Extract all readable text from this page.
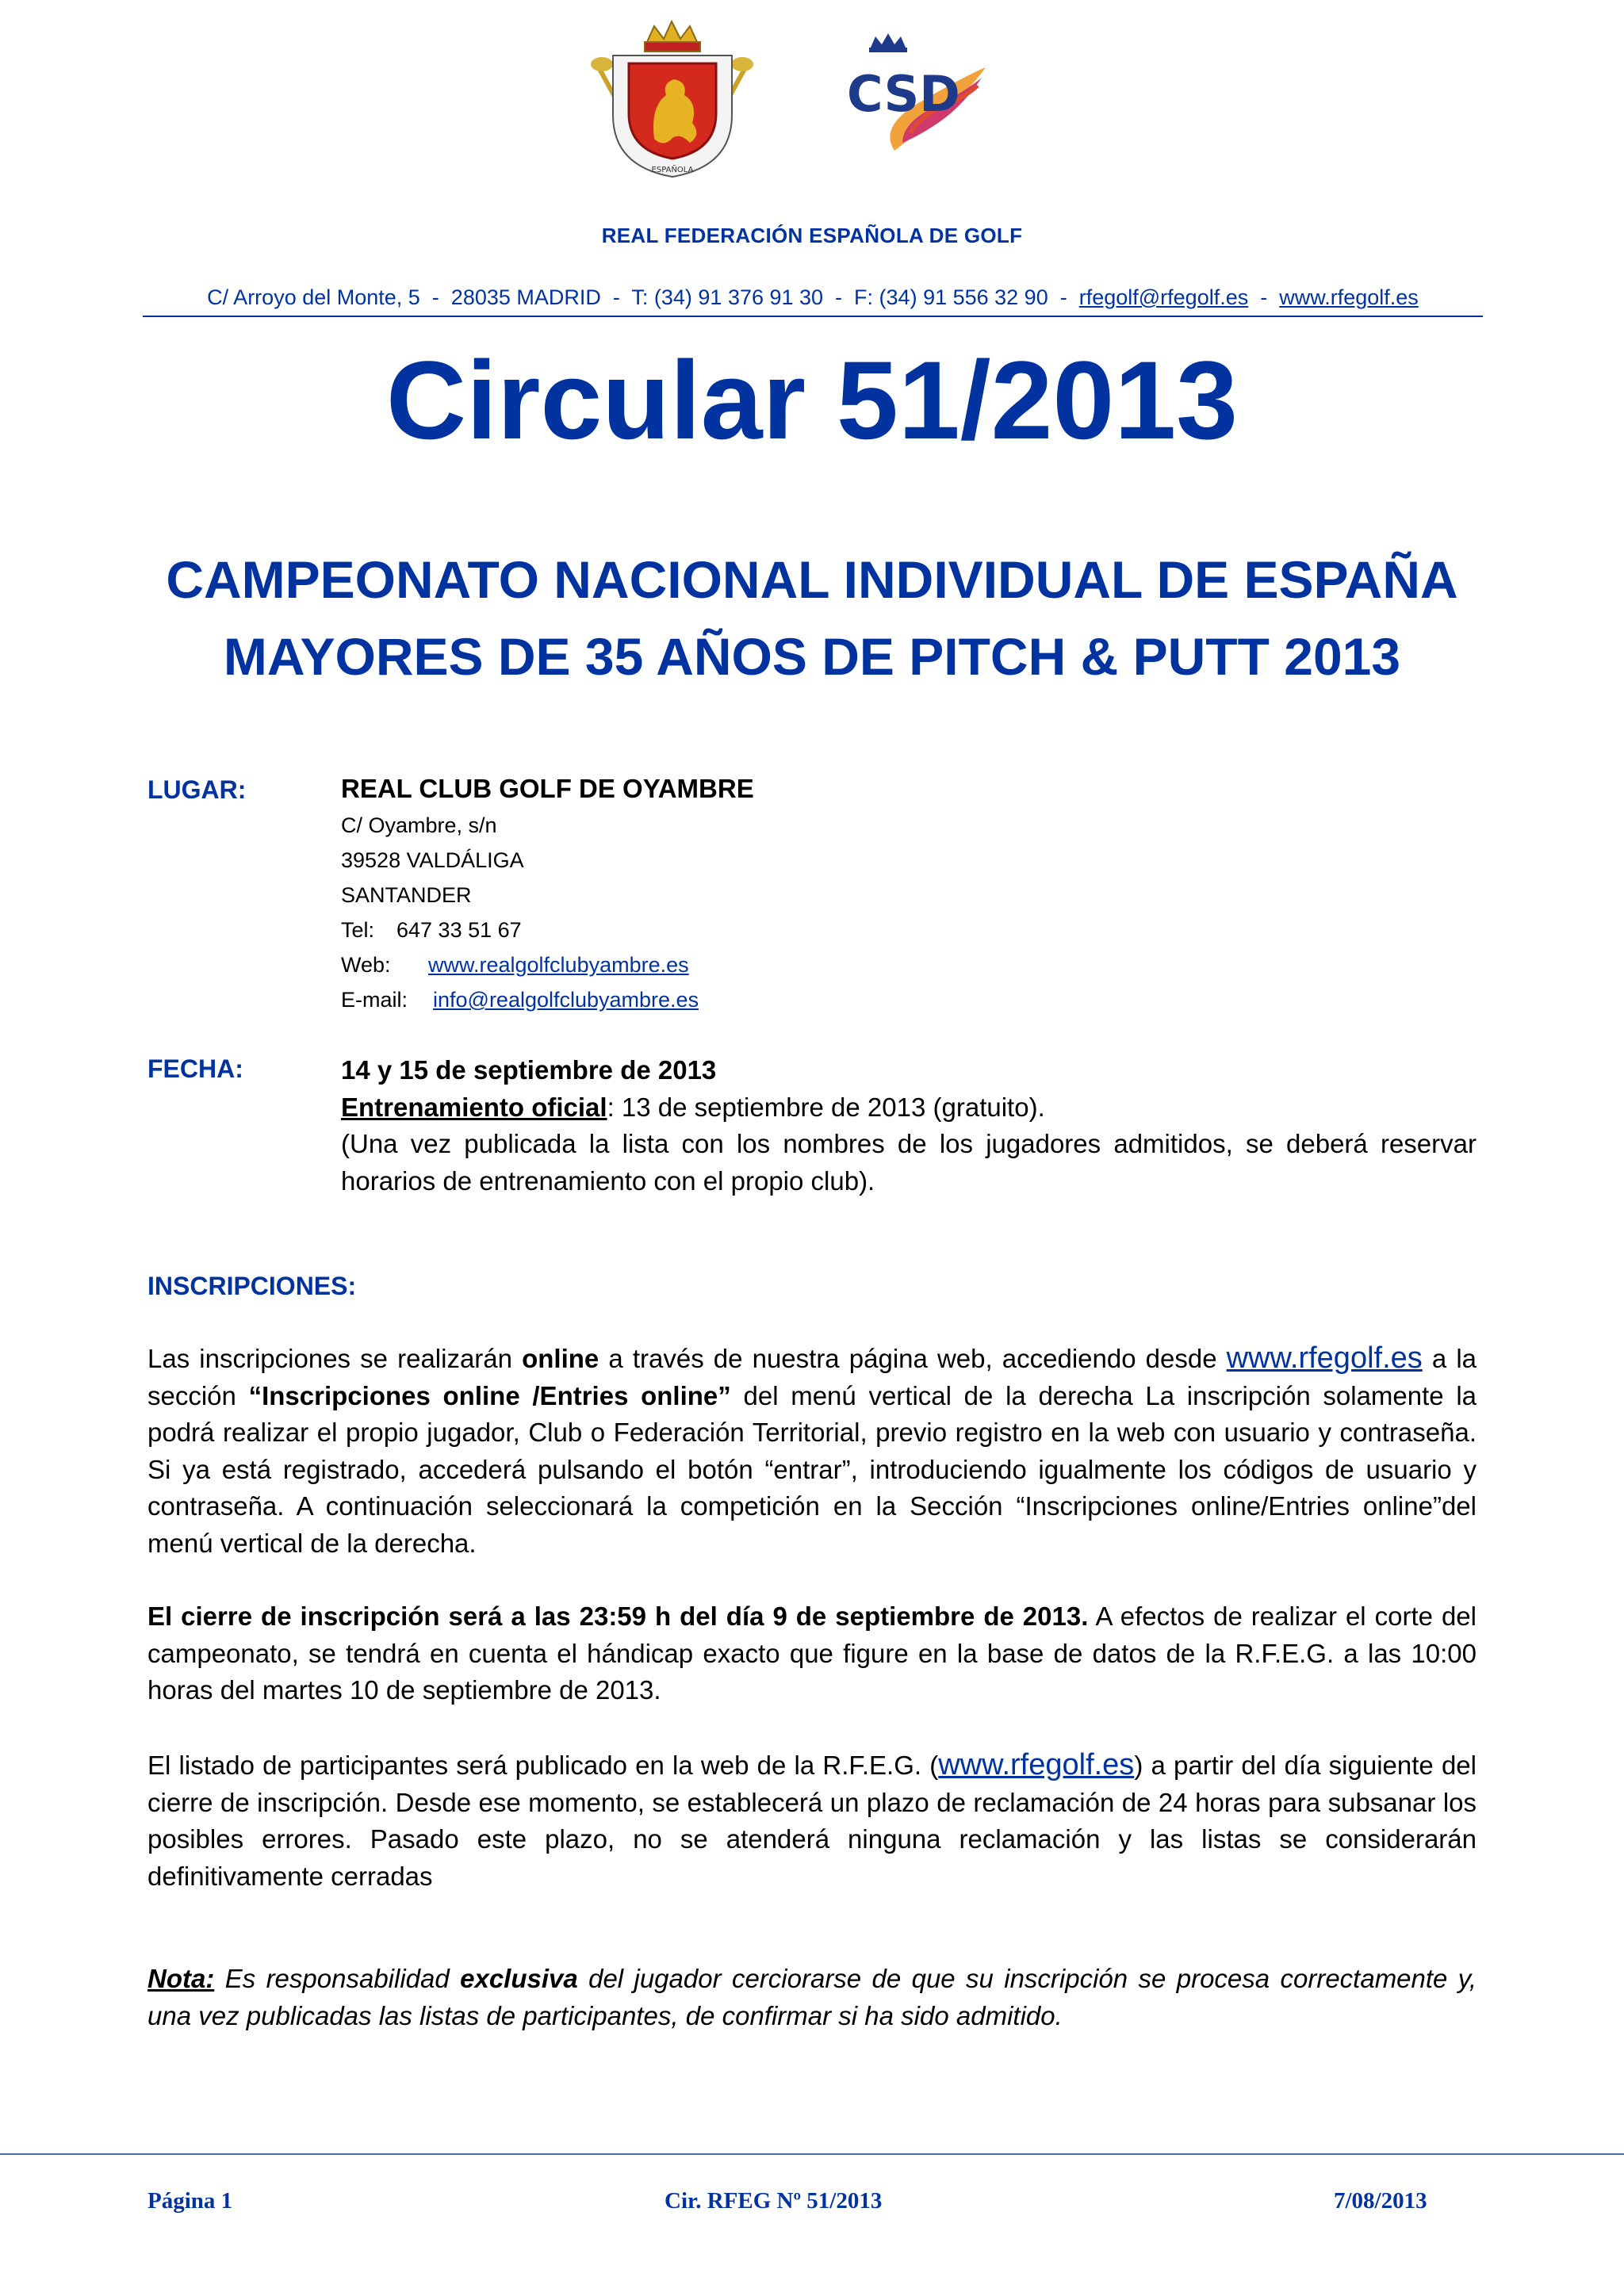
ESPAÑOLA
CSD
REAL FEDERACIÓN ESPAÑOLA DE GOLF
C/ Arroyo del Monte, 5  -  28035 MADRID  -  T: (34) 91 376 91 30  -  F: (34) 91 556 32 90  -  rfegolf@rfegolf.es  -  www.rfegolf.es
Circular 51/2013
CAMPEONATO NACIONAL INDIVIDUAL DE ESPAÑA
MAYORES DE 35 AÑOS DE PITCH & PUTT 2013
LUGAR:	REAL CLUB GOLF DE OYAMBRE
C/ Oyambre, s/n
39528 VALDÁLIGA
SANTANDER
Tel: 647 33 51 67
Web: www.realgolfclubyambre.es
E-mail: info@realgolfclubyambre.es
FECHA:	14 y 15 de septiembre de 2013
Entrenamiento oficial: 13 de septiembre de 2013 (gratuito).
(Una vez publicada la lista con los nombres de los jugadores admitidos, se deberá reservar horarios de entrenamiento con el propio club).
INSCRIPCIONES:
Las inscripciones se realizarán online a través de nuestra página web, accediendo desde www.rfegolf.es a la sección “Inscripciones online /Entries online” del menú vertical de la derecha La inscripción solamente la podrá realizar el propio jugador, Club o Federación Territorial, previo registro en la web con usuario y contraseña. Si ya está registrado, accederá pulsando el botón “entrar”, introduciendo igualmente los códigos de usuario y contraseña. A continuación seleccionará la competición en la Sección “Inscripciones online/Entries online”del menú vertical de la derecha.
El cierre de inscripción será a las 23:59 h del día 9 de septiembre de 2013. A efectos de realizar el corte del campeonato, se tendrá en cuenta el hándicap exacto que figure en la base de datos de la R.F.E.G. a las 10:00 horas del martes 10 de septiembre de 2013.
El listado de participantes será publicado en la web de la R.F.E.G. (www.rfegolf.es) a partir del día siguiente del cierre de inscripción. Desde ese momento, se establecerá un plazo de reclamación de 24 horas para subsanar los posibles errores. Pasado este plazo, no se atenderá ninguna reclamación y las listas se considerarán definitivamente cerradas
Nota: Es responsabilidad exclusiva del jugador cerciorarse de que su inscripción se procesa correctamente y, una vez publicadas las listas de participantes, de confirmar si ha sido admitido.
Página 1	Cir. RFEG Nº 51/2013	7/08/2013
